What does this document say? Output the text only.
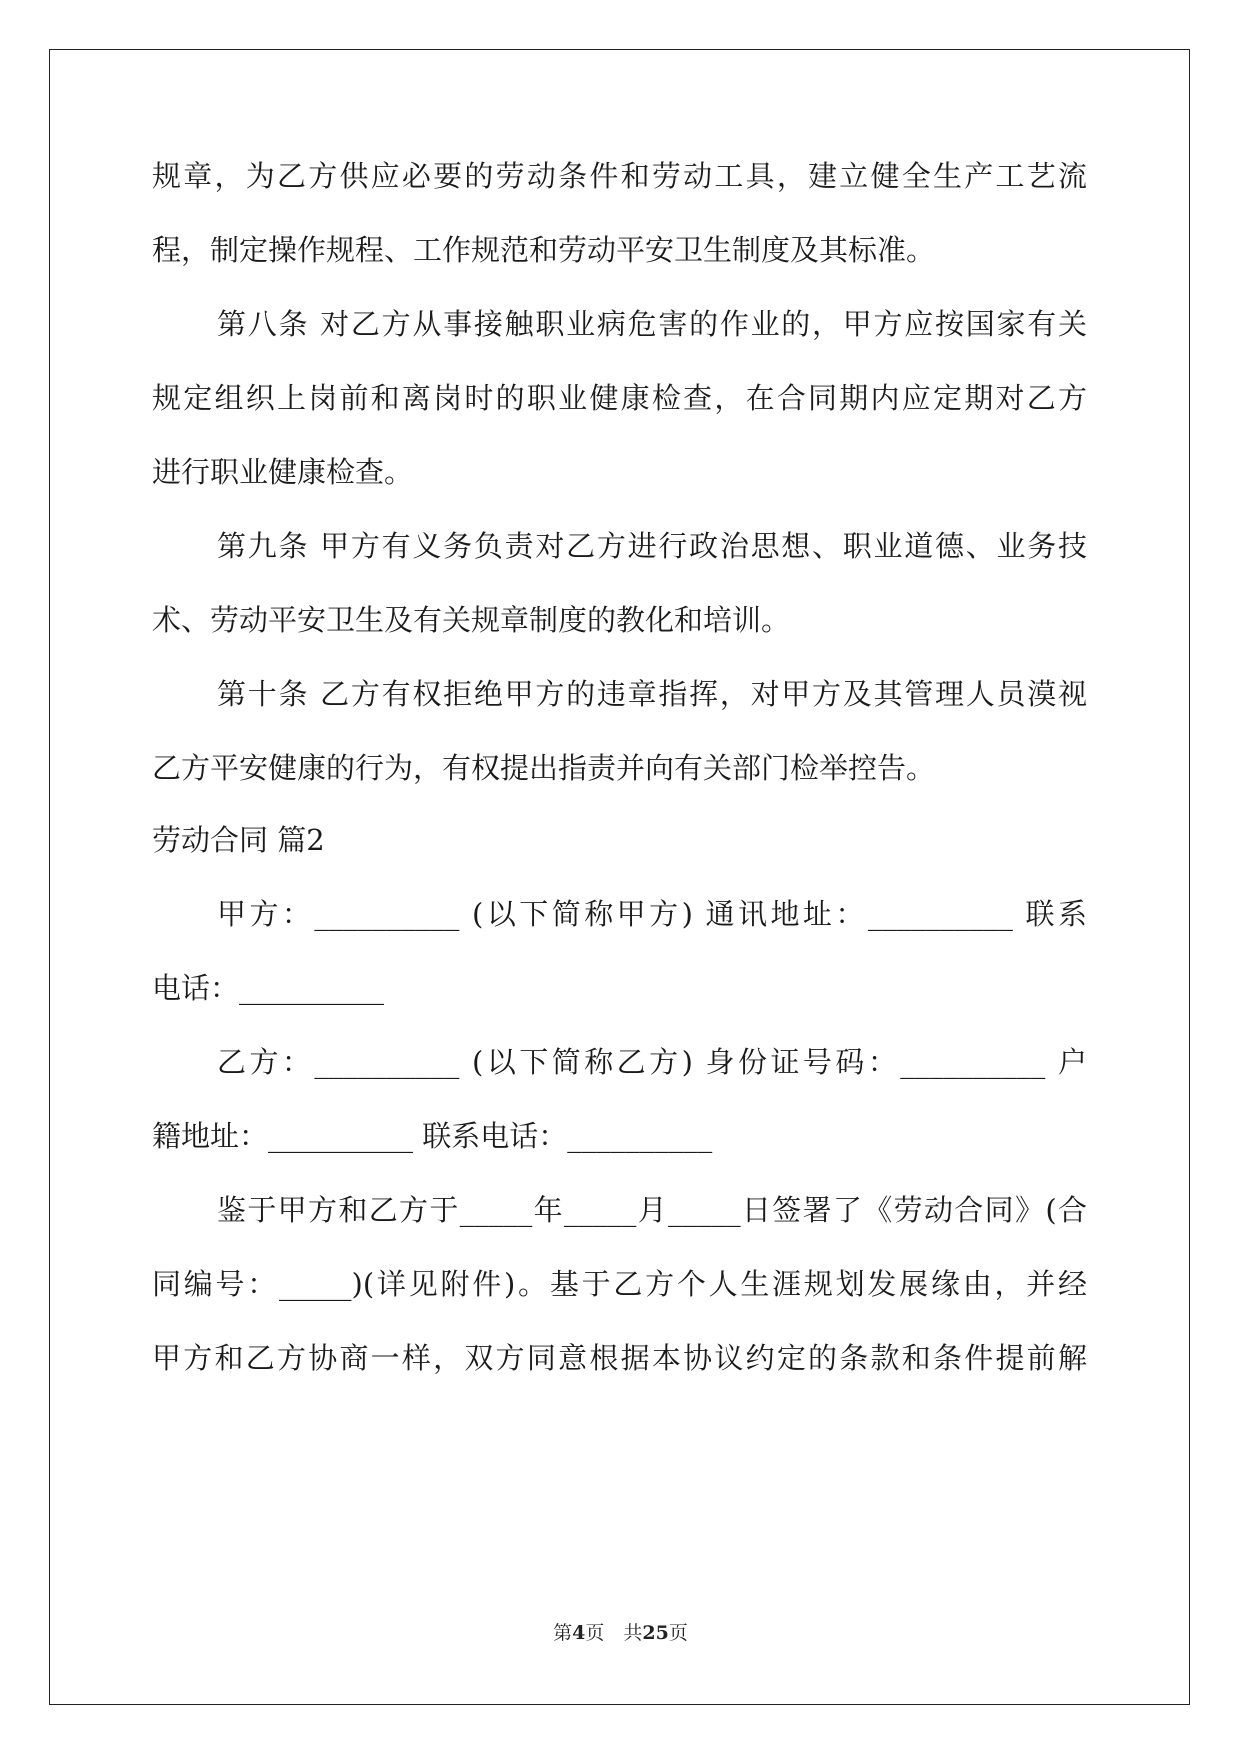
规章，为乙方供应必要的劳动条件和劳动工具，建立健全生产工艺流
程，制定操作规程、工作规范和劳动平安卫生制度及其标准。
第八条 对乙方从事接触职业病危害的作业的，甲方应按国家有关
规定组织上岗前和离岗时的职业健康检查，在合同期内应定期对乙方
进行职业健康检查。
第九条 甲方有义务负责对乙方进行政治思想、职业道德、业务技
术、劳动平安卫生及有关规章制度的教化和培训。
第十条 乙方有权拒绝甲方的违章指挥，对甲方及其管理人员漠视
乙方平安健康的行为，有权提出指责并向有关部门检举控告。
劳动合同 篇2
甲方：__________ (以下简称甲方) 通讯地址：__________ 联系
电话：__________
乙方：__________ (以下简称乙方) 身份证号码：__________ 户
籍地址：__________ 联系电话：__________
鉴于甲方和乙方于_____年_____月_____日签署了《劳动合同》(合
同编号：_____)(详见附件)。基于乙方个人生涯规划发展缘由，并经
甲方和乙方协商一样，双方同意根据本协议约定的条款和条件提前解
第4页　共25页
